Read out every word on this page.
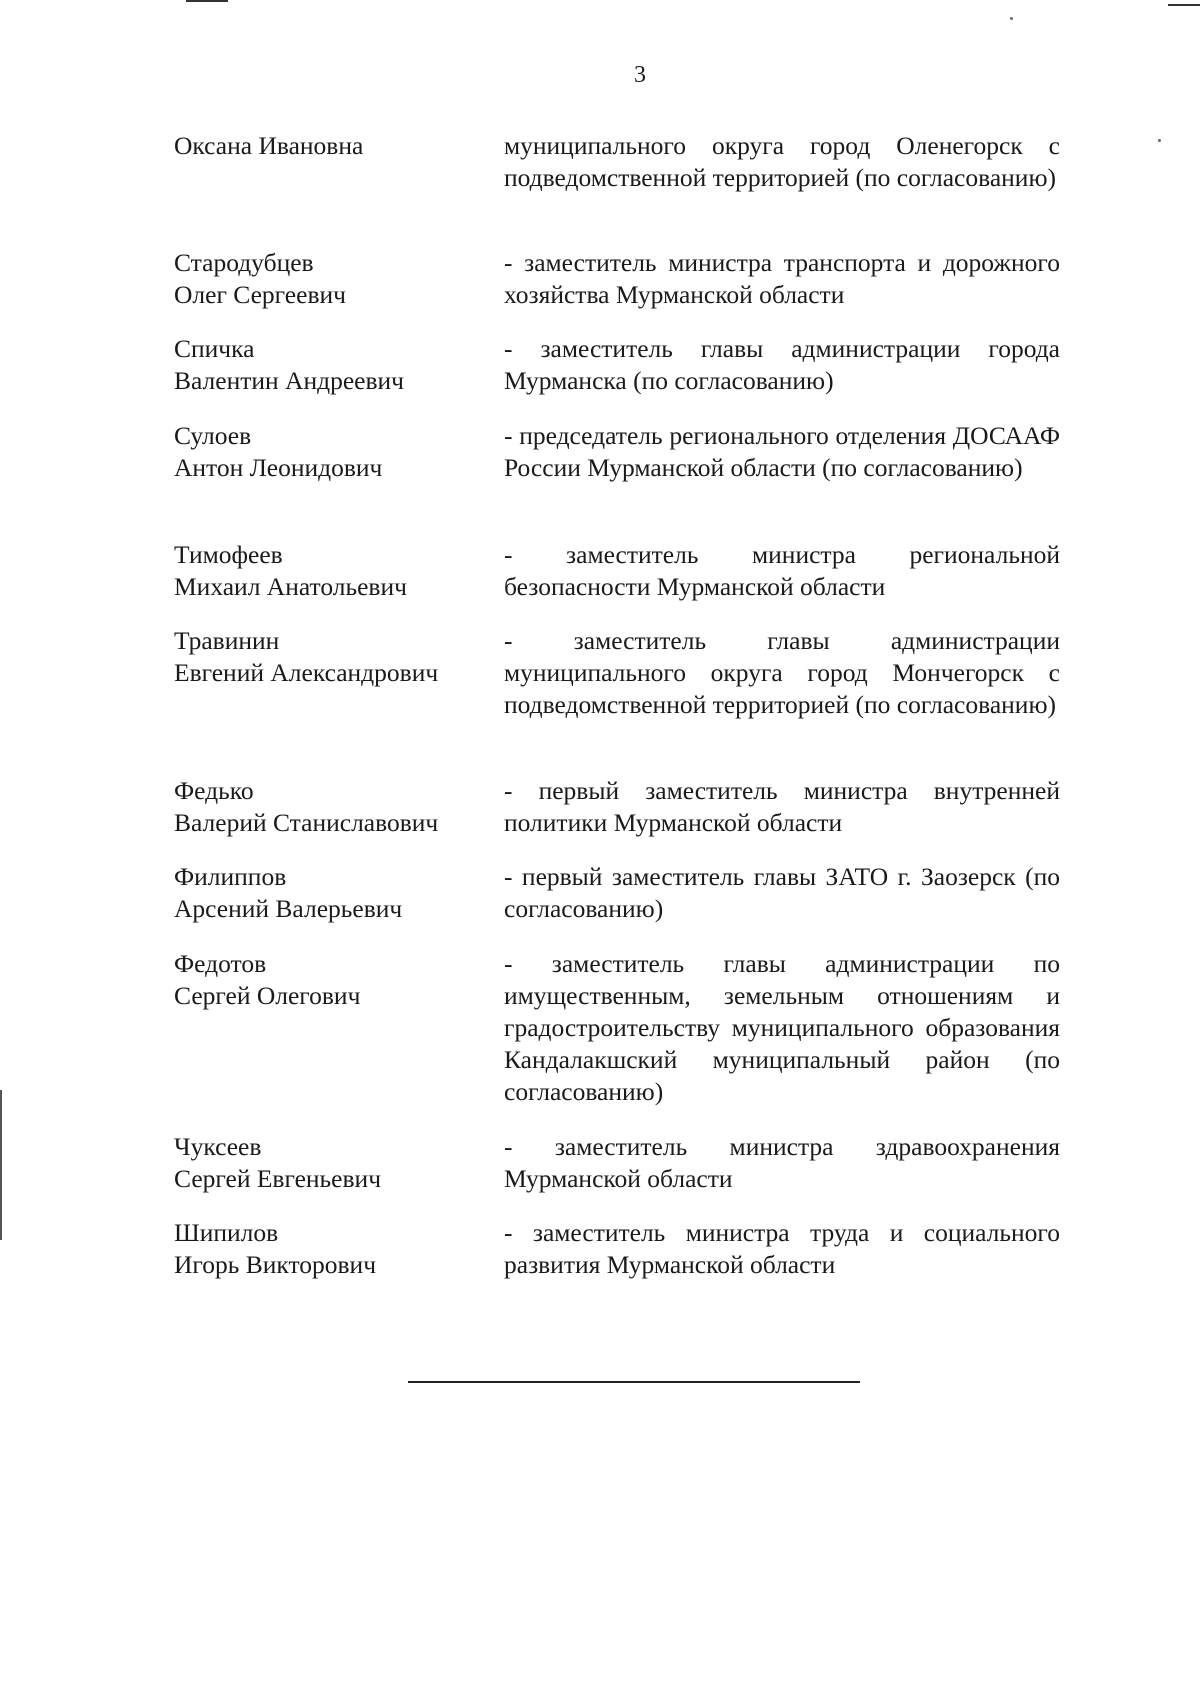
3
Оксана Ивановна	муниципального округа город Оленегорск с подведомственной территорией (по согласованию)
Стародубцев
Олег Сергеевич
- заместитель министра транспорта и дорожного хозяйства Мурманской области
Спичка
Валентин Андреевич
- заместитель главы администрации города Мурманска (по согласованию)
Сулоев
Антон Леонидович
- председатель регионального отделения ДОСААФ России Мурманской области (по согласованию)
Тимофеев
Михаил Анатольевич
- заместитель министра региональной безопасности Мурманской области
Травинин
Евгений Александрович
- заместитель главы администрации муниципального округа город Мончегорск с подведомственной территорией (по согласованию)
Федько
Валерий Станиславович
- первый заместитель министра внутренней политики Мурманской области
Филиппов
Арсений Валерьевич
- первый заместитель главы ЗАТО г. Заозерск (по согласованию)
Федотов
Сергей Олегович
- заместитель главы администрации по имущественным, земельным отношениям и градостроительству муниципального образования Кандалакшский муниципальный район (по согласованию)
Чуксеев
Сергей Евгеньевич
- заместитель министра здравоохранения Мурманской области
Шипилов
Игорь Викторович
- заместитель министра труда и социального развития Мурманской области
